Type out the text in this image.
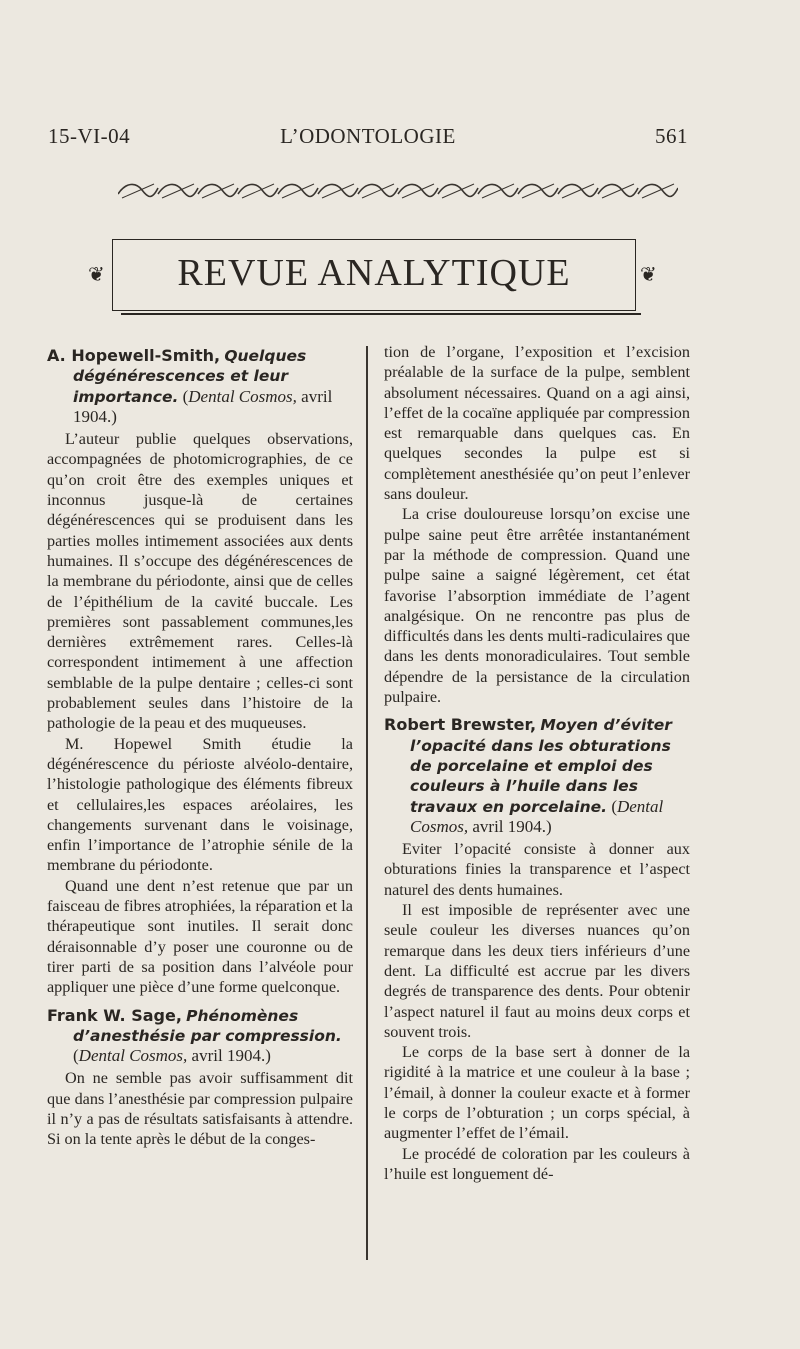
15-VI-04	L’ODONTOLOGIE	561
REVUE ANALYTIQUE
❦	❦
A. Hopewell-Smith, Quelques dégénérescences et leur importance. (Dental Cosmos, avril 1904.)

L’auteur publie quelques observations, accompagnées de photomicrographies, de ce qu’on croit être des exemples uniques et inconnus jusque-là de certaines dégénérescences qui se produisent dans les parties molles intimement associées aux dents humaines. Il s’occupe des dégénérescences de la membrane du périodonte, ainsi que de celles de l’épithélium de la cavité buccale. Les premières sont passablement communes,les dernières extrêmement rares. Celles-là correspondent intimement à une affection semblable de la pulpe dentaire ; celles-ci sont probablement seules dans l’histoire de la pathologie de la peau et des muqueuses.

M. Hopewel Smith étudie la dégénérescence du périoste alvéolo-dentaire, l’histologie pathologique des éléments fibreux et cellulaires,les espaces aréolaires, les changements survenant dans le voisinage, enfin l’importance de l’atrophie sénile de la membrane du périodonte.

Quand une dent n’est retenue que par un faisceau de fibres atrophiées, la réparation et la thérapeutique sont inutiles. Il serait donc déraisonnable d’y poser une couronne ou de tirer parti de sa position dans l’alvéole pour appliquer une pièce d’une forme quelconque.

Frank W. Sage, Phénomènes d’anesthésie par compression. (Dental Cosmos, avril 1904.)

On ne semble pas avoir suffisamment dit que dans l’anesthésie par compression pulpaire il n’y a pas de résultats satisfaisants à attendre. Si on la tente après le début de la conges-

tion de l’organe, l’exposition et l’excision préalable de la surface de la pulpe, semblent absolument nécessaires. Quand on a agi ainsi, l’effet de la cocaïne appliquée par compression est remarquable dans quelques cas. En quelques secondes la pulpe est si complètement anesthésiée qu’on peut l’enlever sans douleur.

La crise douloureuse lorsqu’on excise une pulpe saine peut être arrêtée instantanément par la méthode de compression. Quand une pulpe saine a saigné légèrement, cet état favorise l’absorption immédiate de l’agent analgésique. On ne rencontre pas plus de difficultés dans les dents multi-radiculaires que dans les dents monoradiculaires. Tout semble dépendre de la persistance de la circulation pulpaire.

Robert Brewster, Moyen d’éviter l’opacité dans les obturations de porcelaine et emploi des couleurs à l’huile dans les travaux en porcelaine. (Dental Cosmos, avril 1904.)

Eviter l’opacité consiste à donner aux obturations finies la transparence et l’aspect naturel des dents humaines.

Il est imposible de représenter avec une seule couleur les diverses nuances qu’on remarque dans les deux tiers inférieurs d’une dent. La difficulté est accrue par les divers degrés de transparence des dents. Pour obtenir l’aspect naturel il faut au moins deux corps et souvent trois.

Le corps de la base sert à donner de la rigidité à la matrice et une couleur à la base ; l’émail, à donner la couleur exacte et à former le corps de l’obturation ; un corps spécial, à augmenter l’effet de l’émail.

Le procédé de coloration par les couleurs à l’huile est longuement dé-
